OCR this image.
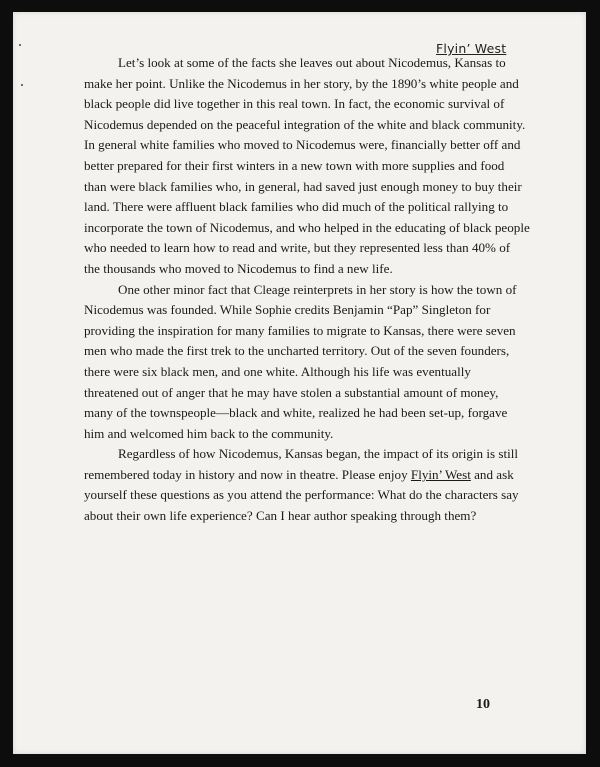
Flyin’ West
Let’s look at some of the facts she leaves out about Nicodemus, Kansas to
make her point. Unlike the Nicodemus in her story, by the 1890’s white people and
black people did live together in this real town. In fact, the economic survival of
Nicodemus depended on the peaceful integration of the white and black community.
In general white families who moved to Nicodemus were, financially better off and
better prepared for their first winters in a new town with more supplies and food
than were black families who, in general, had saved just enough money to buy their
land. There were affluent black families who did much of the political rallying to
incorporate the town of Nicodemus, and who helped in the educating of black people
who needed to learn how to read and write, but they represented less than 40% of
the thousands who moved to Nicodemus to find a new life.
One other minor fact that Cleage reinterprets in her story is how the town of
Nicodemus was founded. While Sophie credits Benjamin “Pap” Singleton for
providing the inspiration for many families to migrate to Kansas, there were seven
men who made the first trek to the uncharted territory. Out of the seven founders,
there were six black men, and one white. Although his life was eventually
threatened out of anger that he may have stolen a substantial amount of money,
many of the townspeople—black and white, realized he had been set-up, forgave
him and welcomed him back to the community.
Regardless of how Nicodemus, Kansas began, the impact of its origin is still
remembered today in history and now in theatre. Please enjoy Flyin’ West and ask
yourself these questions as you attend the performance: What do the characters say
about their own life experience? Can I hear author speaking through them?
10
